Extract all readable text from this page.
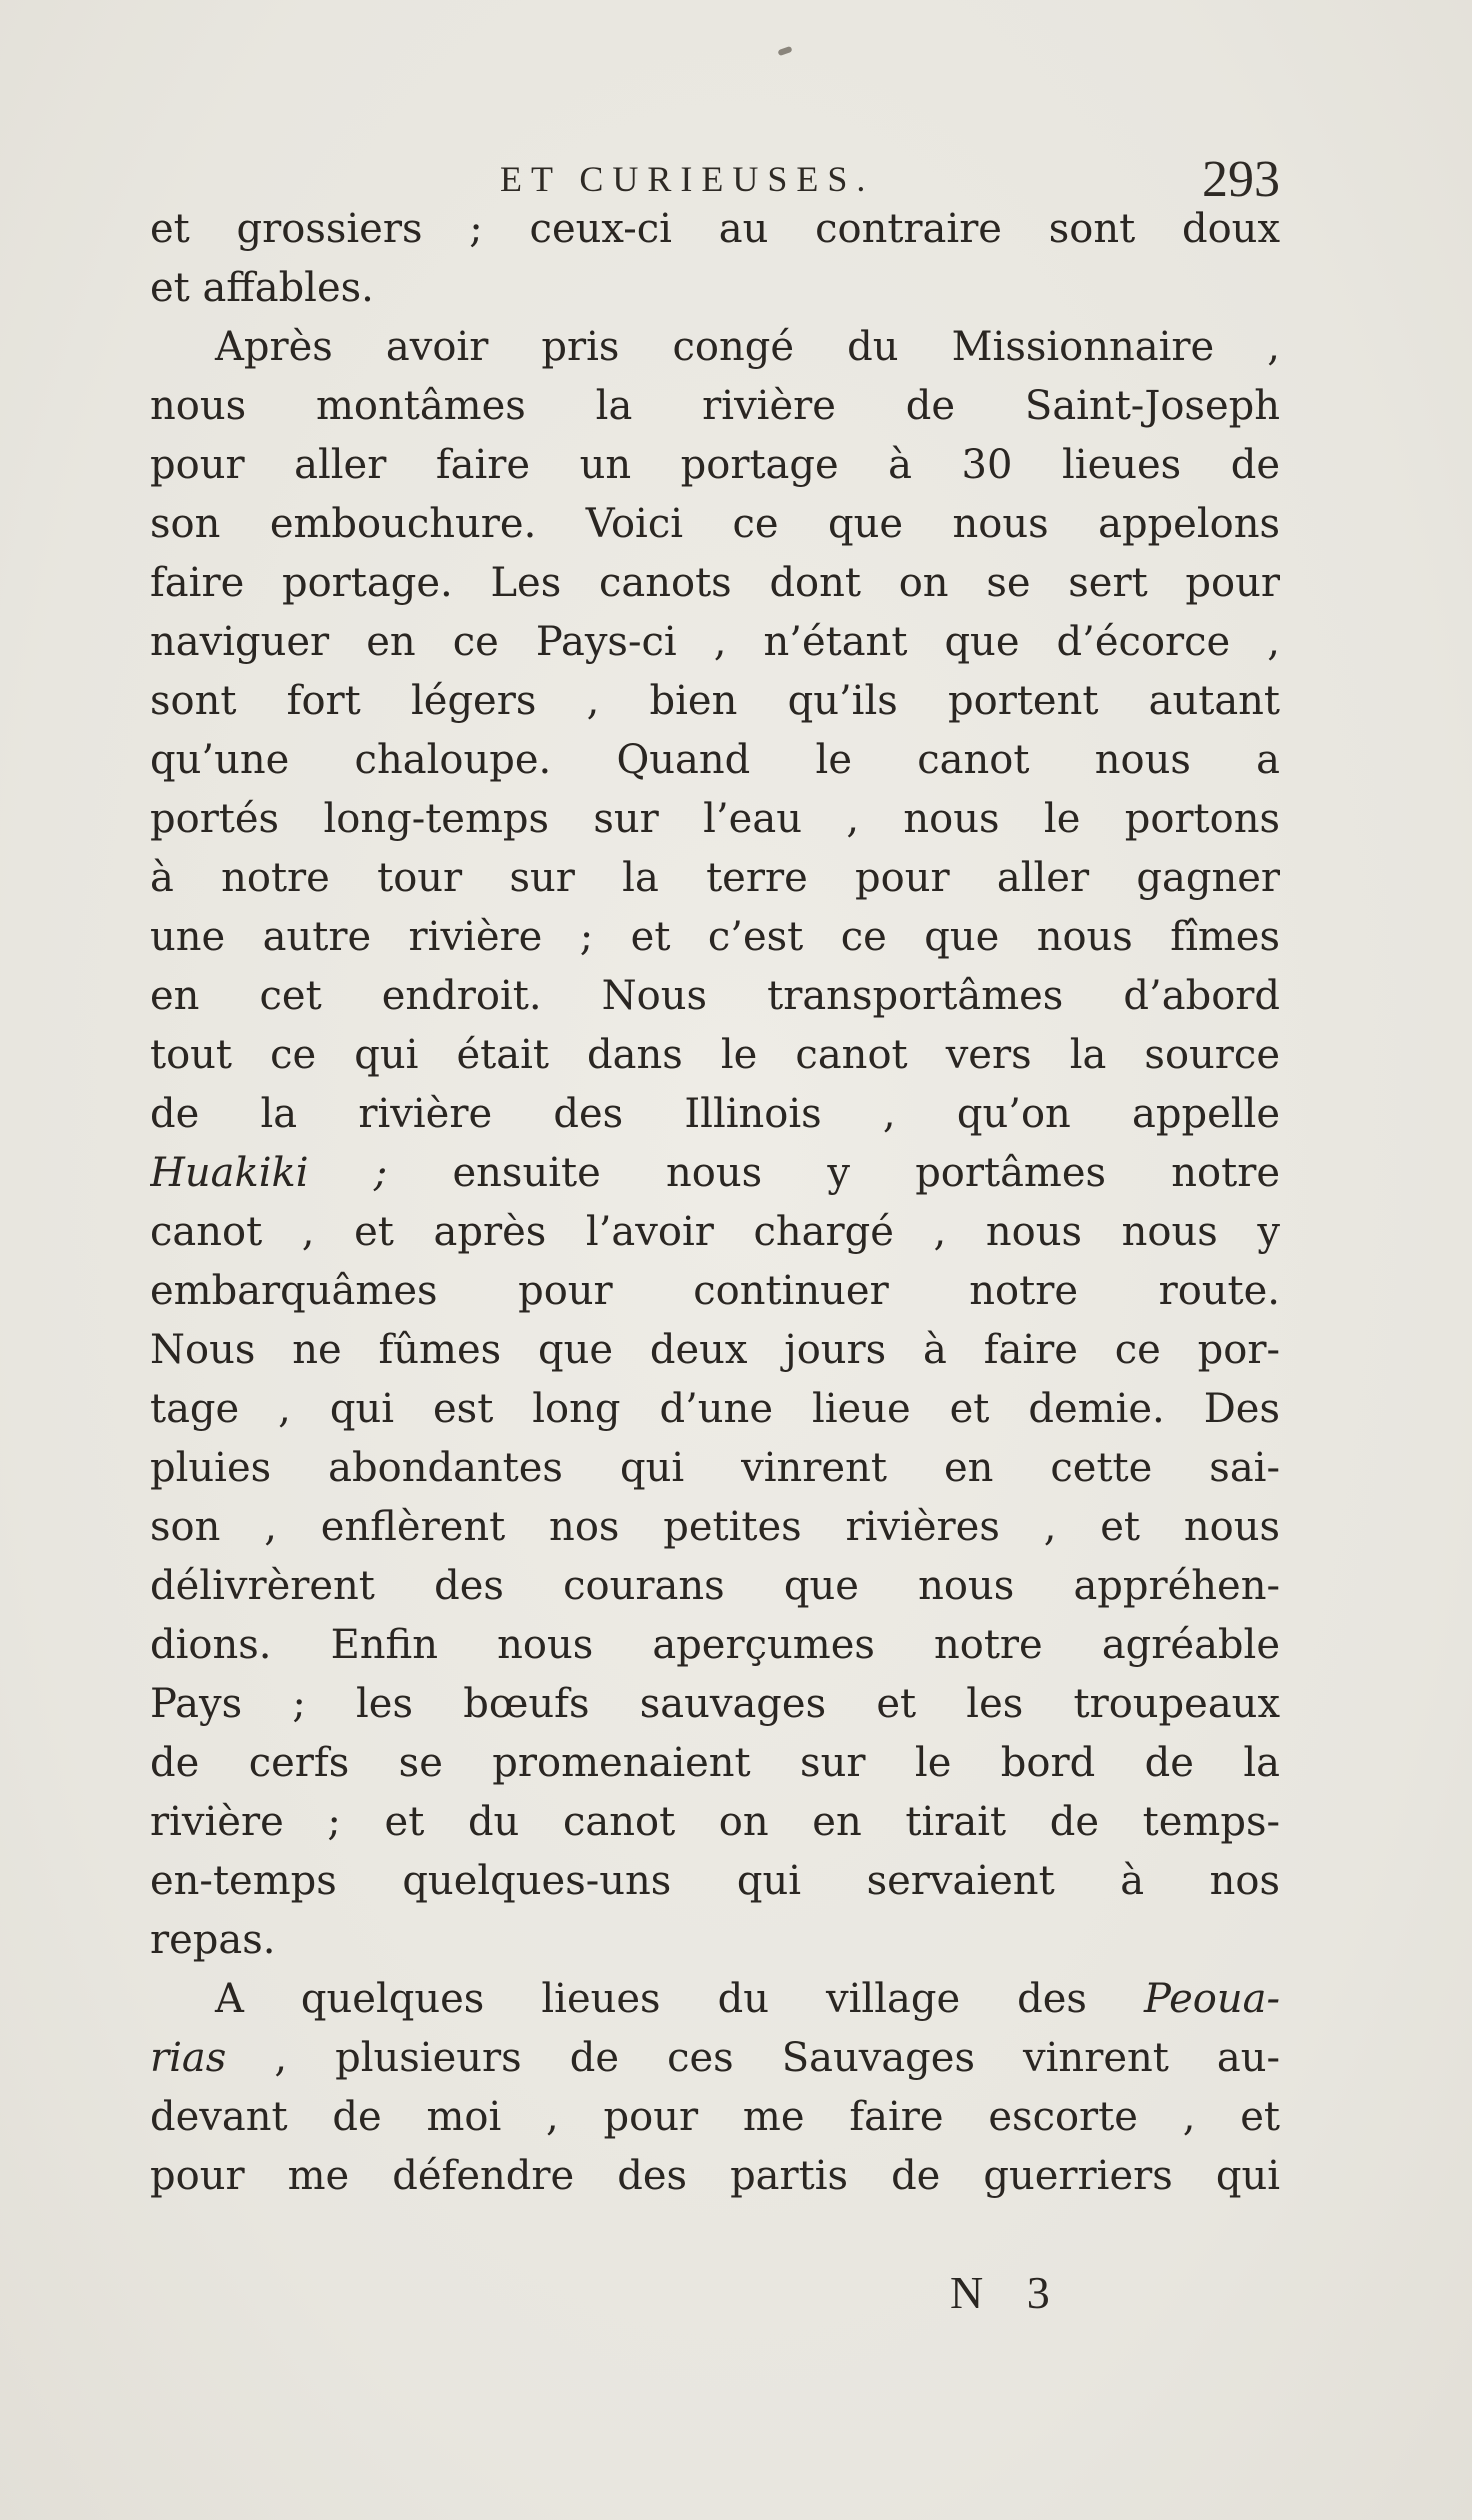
ET CURIEUSES.	293
et grossiers ; ceux-ci au contraire sont doux
et affables.
Après avoir pris congé du Missionnaire ,
nous montâmes la rivière de Saint-Joseph
pour aller faire un portage à 30 lieues de
son embouchure. Voici ce que nous appelons
faire portage. Les canots dont on se sert pour
naviguer en ce Pays-ci , n’étant que d’écorce ,
sont fort légers , bien qu’ils portent autant
qu’une chaloupe. Quand le canot nous a
portés long-temps sur l’eau , nous le portons
à notre tour sur la terre pour aller gagner
une autre rivière ; et c’est ce que nous fîmes
en cet endroit. Nous transportâmes d’abord
tout ce qui était dans le canot vers la source
de la rivière des Illinois , qu’on appelle
Huakiki ; ensuite nous y portâmes notre
canot , et après l’avoir chargé , nous nous y
embarquâmes pour continuer notre route.
Nous ne fûmes que deux jours à faire ce por-
tage , qui est long d’une lieue et demie. Des
pluies abondantes qui vinrent en cette sai-
son , enflèrent nos petites rivières , et nous
délivrèrent des courans que nous appréhen-
dions. Enfin nous aperçumes notre agréable
Pays ; les bœufs sauvages et les troupeaux
de cerfs se promenaient sur le bord de la
rivière ; et du canot on en tirait de temps-
en-temps quelques-uns qui servaient à nos
repas.
A quelques lieues du village des Peoua-
rias , plusieurs de ces Sauvages vinrent au-
devant de moi , pour me faire escorte , et
pour me défendre des partis de guerriers qui
N 3
